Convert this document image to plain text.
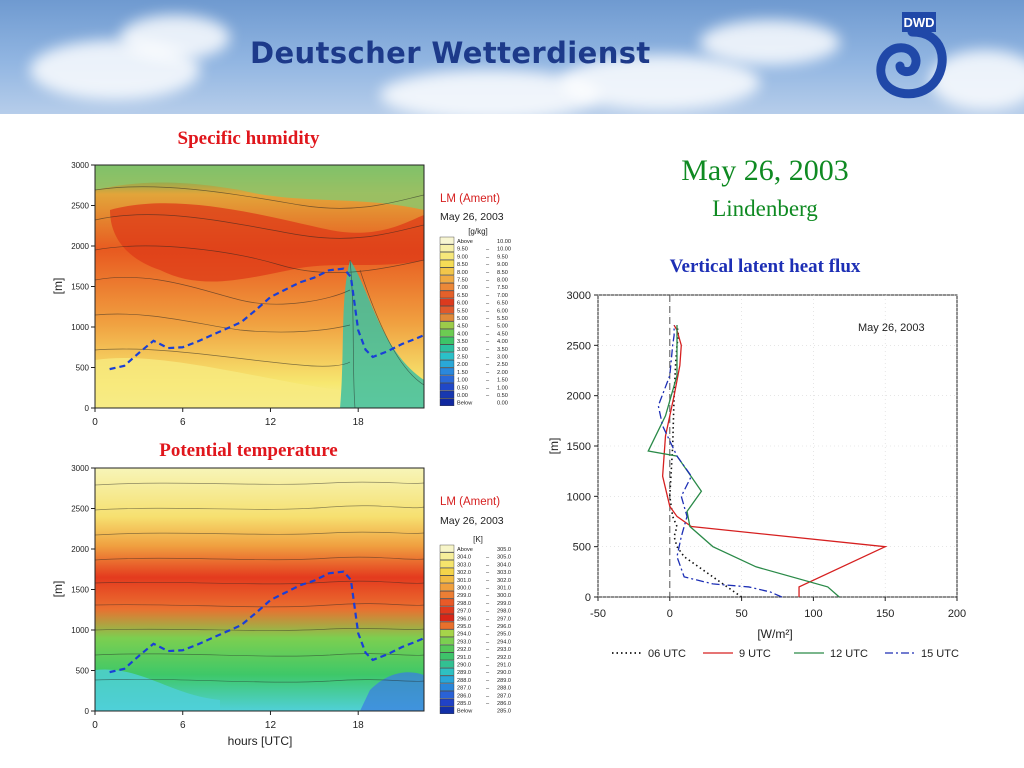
Deutscher Wetterdienst
DWD
Specific humidity
Potential temperature
May 26, 2003
Lindenberg
Vertical latent heat flux
0
500
1000
1500
2000
2500
3000
0	6	12	18
[m]
LM (Ament)
May 26, 2003
[g/kg]
Above	10.00
9.50	– 10.00
9.00	– 9.50
8.50	– 9.00
8.00	– 8.50
7.50	– 8.00
7.00	– 7.50
6.50	– 7.00
6.00	– 6.50
5.50	– 6.00
5.00	– 5.50
4.50	– 5.00
4.00	– 4.50
3.50	– 4.00
3.00	– 3.50
2.50	– 3.00
2.00	– 2.50
1.50	– 2.00
1.00	– 1.50
0.50	– 1.00
0.00	– 0.50
Below	0.00
0
500
1000
1500
2000
2500
3000
0	6	12	18
[m]
hours [UTC]
LM (Ament)
May 26, 2003
[K]
Above	305.0
304.0	– 305.0
303.0	– 304.0
302.0	– 303.0
301.0	– 302.0
300.0	– 301.0
299.0	– 300.0
298.0	– 299.0
297.0	– 298.0
296.0	– 297.0
295.0	– 296.0
294.0	– 295.0
293.0	– 294.0
292.0	– 293.0
291.0	– 292.0
290.0	– 291.0
289.0	– 290.0
288.0	– 289.0
287.0	– 288.0
286.0	– 287.0
285.0	– 286.0
Below	285.0
0
500
1000
1500
2000
2500
3000
-50	0	50	100	150	200
May 26, 2003
[m]
[W/m²]
06 UTC	9 UTC	12 UTC	15 UTC
